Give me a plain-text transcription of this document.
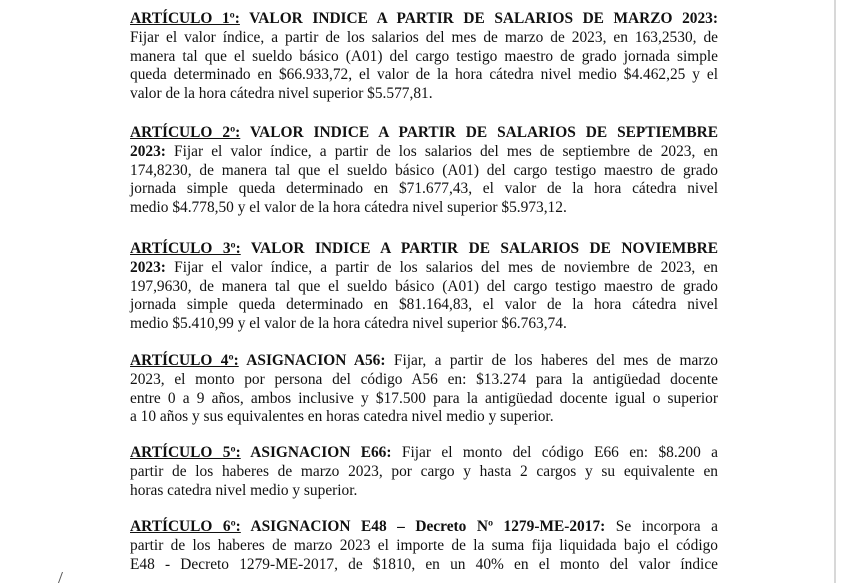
ARTÍCULO 1º: VALOR INDICE A PARTIR DE SALARIOS DE MARZO 2023:
Fijar el valor índice, a partir de los salarios del mes de marzo de 2023, en 163,2530, de
manera tal que el sueldo básico (A01) del cargo testigo maestro de grado jornada simple
queda determinado en $66.933,72, el valor de la hora cátedra nivel medio $4.462,25 y el
valor de la hora cátedra nivel superior $5.577,81.
ARTÍCULO 2º: VALOR INDICE A PARTIR DE SALARIOS DE SEPTIEMBRE
2023: Fijar el valor índice, a partir de los salarios del mes de septiembre de 2023, en
174,8230, de manera tal que el sueldo básico (A01) del cargo testigo maestro de grado
jornada simple queda determinado en $71.677,43, el valor de la hora cátedra nivel
medio $4.778,50 y el valor de la hora cátedra nivel superior $5.973,12.
ARTÍCULO 3º: VALOR INDICE A PARTIR DE SALARIOS DE NOVIEMBRE
2023: Fijar el valor índice, a partir de los salarios del mes de noviembre de 2023, en
197,9630, de manera tal que el sueldo básico (A01) del cargo testigo maestro de grado
jornada simple queda determinado en $81.164,83, el valor de la hora cátedra nivel
medio $5.410,99 y el valor de la hora cátedra nivel superior $6.763,74.
ARTÍCULO 4º: ASIGNACION A56: Fijar, a partir de los haberes del mes de marzo
2023, el monto por persona del código A56 en: $13.274 para la antigüedad docente
entre 0 a 9 años, ambos inclusive y $17.500 para la antigüedad docente igual o superior
a 10 años y sus equivalentes en horas catedra nivel medio y superior.
ARTÍCULO 5º: ASIGNACION E66: Fijar el monto del código E66 en: $8.200 a
partir de los haberes de marzo 2023, por cargo y hasta 2 cargos y su equivalente en
horas catedra nivel medio y superior.
ARTÍCULO 6º: ASIGNACION E48 – Decreto Nº 1279-ME-2017: Se incorpora a
partir de los haberes de marzo 2023 el importe de la suma fija liquidada bajo el código
E48 - Decreto 1279-ME-2017, de $1810, en un 40% en el monto del valor índice
